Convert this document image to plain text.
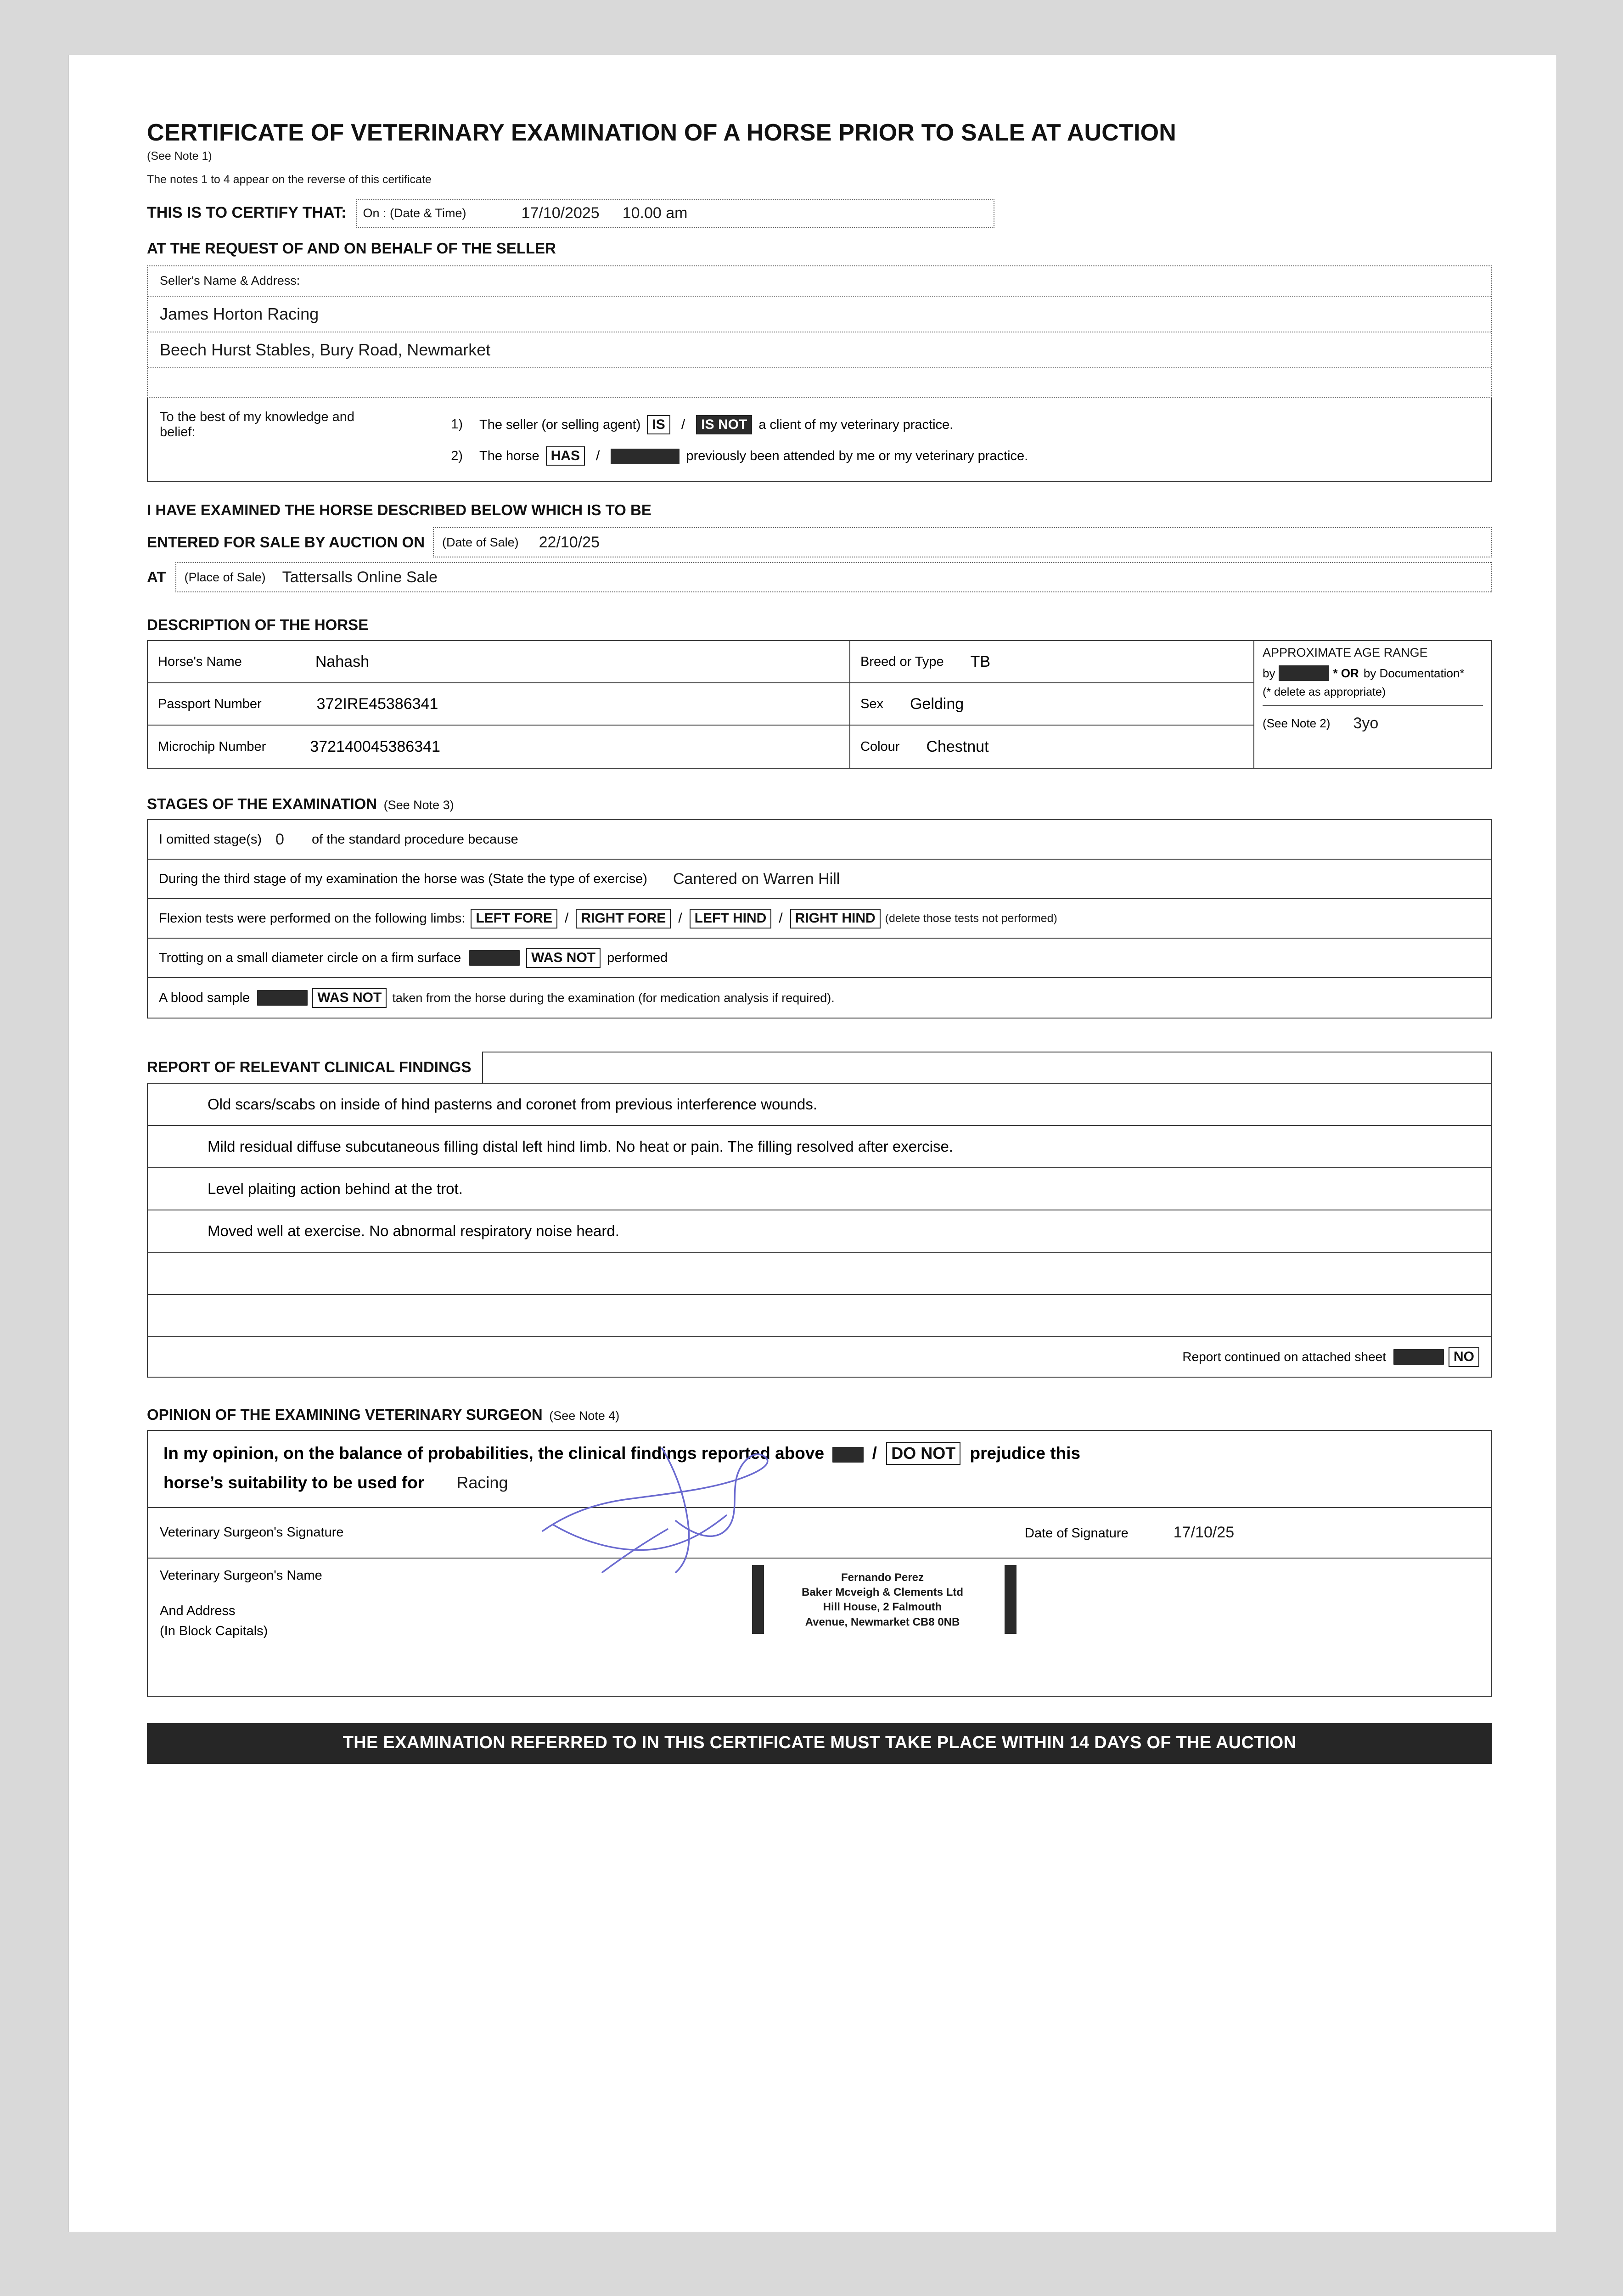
CERTIFICATE OF VETERINARY EXAMINATION OF A HORSE PRIOR TO SALE AT AUCTION
(See Note 1)
The notes 1 to 4 appear on the reverse of this certificate
THIS IS TO CERTIFY THAT: On : (Date & Time)	17/10/2025 10.00 am
AT THE REQUEST OF AND ON BEHALF OF THE SELLER
Seller's Name & Address:
James Horton Racing
Beech Hurst Stables, Bury Road, Newmarket
To the best of my knowledge and belief:
1)	The seller (or selling agent) IS / IS NOT a client of my veterinary practice.
2)	The horse HAS /	previously been attended by me or my veterinary practice.
I HAVE EXAMINED THE HORSE DESCRIBED BELOW WHICH IS TO BE
ENTERED FOR SALE BY AUCTION ON (Date of Sale) 22/10/25
AT	(Place of Sale) Tattersalls Online Sale
DESCRIPTION OF THE HORSE
Horse's Name	Nahash	Breed or Type TB
APPROXIMATE AGE RANGE
by	* OR by Documentation*
(* delete as appropriate)
(See Note 2) 3yo
Passport Number	372IRE45386341	Sex Gelding
Microchip Number	372140045386341	Colour Chestnut
STAGES OF THE EXAMINATION (See Note 3)
I omitted stage(s) 0 of the standard procedure because
During the third stage of my examination the horse was (State the type of exercise) Cantered on Warren Hill
Flexion tests were performed on the following limbs: LEFT FORE / RIGHT FORE / LEFT HIND / RIGHT HIND (delete those tests not performed)
Trotting on a small diameter circle on a firm surface	WAS NOT performed
A blood sample	WAS NOT taken from the horse during the examination (for medication analysis if required).
REPORT OF RELEVANT CLINICAL FINDINGS
Old scars/scabs on inside of hind pasterns and coronet from previous interference wounds.
Mild residual diffuse subcutaneous filling distal left hind limb. No heat or pain. The filling resolved after exercise.
Level plaiting action behind at the trot.
Moved well at exercise. No abnormal respiratory noise heard.
Report continued on attached sheet	NO
OPINION OF THE EXAMINING VETERINARY SURGEON (See Note 4)
In my opinion, on the balance of probabilities, the clinical findings reported above	/ DO NOT prejudice this
horse’s suitability to be used for Racing
Veterinary Surgeon's Signature	Date of Signature	17/10/25
Veterinary Surgeon's Name
And Address
(In Block Capitals)
Fernando Perez
Baker Mcveigh & Clements Ltd
Hill House, 2 Falmouth
Avenue, Newmarket CB8 0NB
THE EXAMINATION REFERRED TO IN THIS CERTIFICATE MUST TAKE PLACE WITHIN 14 DAYS OF THE AUCTION
